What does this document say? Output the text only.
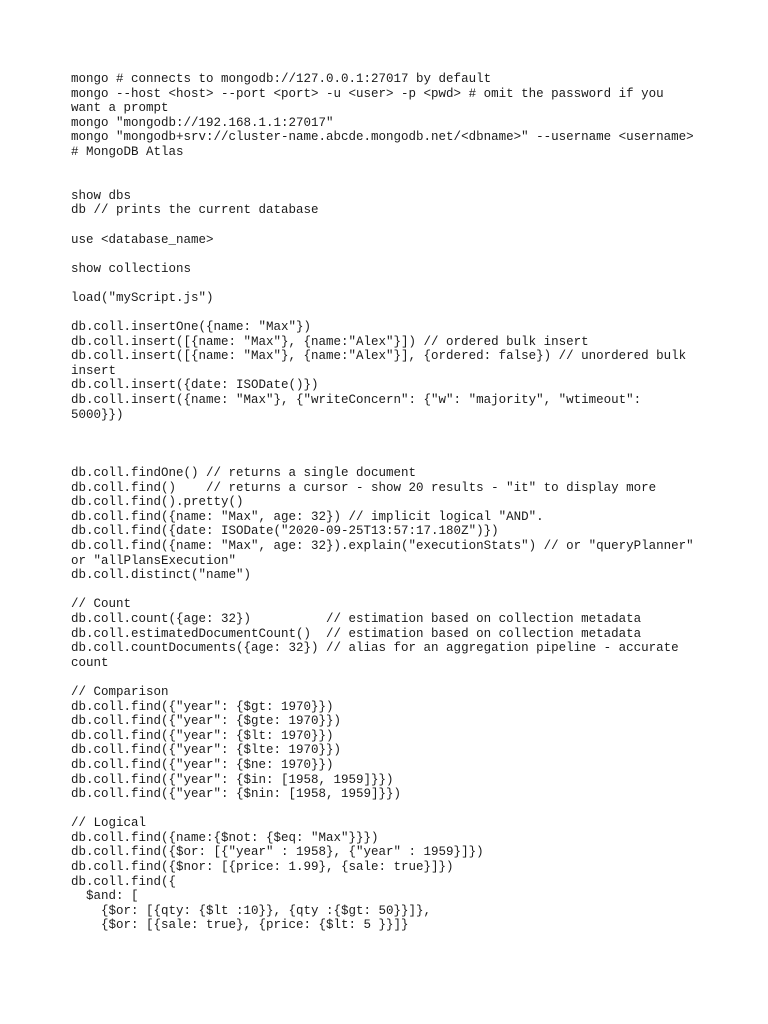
mongo # connects to mongodb://127.0.0.1:27017 by default
mongo --host <host> --port <port> -u <user> -p <pwd> # omit the password if you
want a prompt
mongo "mongodb://192.168.1.1:27017"
mongo "mongodb+srv://cluster-name.abcde.mongodb.net/<dbname>" --username <username>
# MongoDB Atlas
show dbs
db // prints the current database
use <database_name>
show collections
load("myScript.js")
db.coll.insertOne({name: "Max"})
db.coll.insert([{name: "Max"}, {name:"Alex"}]) // ordered bulk insert
db.coll.insert([{name: "Max"}, {name:"Alex"}], {ordered: false}) // unordered bulk
insert
db.coll.insert({date: ISODate()})
db.coll.insert({name: "Max"}, {"writeConcern": {"w": "majority", "wtimeout":
5000}})
db.coll.findOne() // returns a single document
db.coll.find()    // returns a cursor - show 20 results - "it" to display more
db.coll.find().pretty()
db.coll.find({name: "Max", age: 32}) // implicit logical "AND".
db.coll.find({date: ISODate("2020-09-25T13:57:17.180Z")})
db.coll.find({name: "Max", age: 32}).explain("executionStats") // or "queryPlanner"
or "allPlansExecution"
db.coll.distinct("name")
// Count
db.coll.count({age: 32})          // estimation based on collection metadata
db.coll.estimatedDocumentCount()  // estimation based on collection metadata
db.coll.countDocuments({age: 32}) // alias for an aggregation pipeline - accurate
count
// Comparison
db.coll.find({"year": {$gt: 1970}})
db.coll.find({"year": {$gte: 1970}})
db.coll.find({"year": {$lt: 1970}})
db.coll.find({"year": {$lte: 1970}})
db.coll.find({"year": {$ne: 1970}})
db.coll.find({"year": {$in: [1958, 1959]}})
db.coll.find({"year": {$nin: [1958, 1959]}})
// Logical
db.coll.find({name:{$not: {$eq: "Max"}}})
db.coll.find({$or: [{"year" : 1958}, {"year" : 1959}]})
db.coll.find({$nor: [{price: 1.99}, {sale: true}]})
db.coll.find({
$and: [
{$or: [{qty: {$lt :10}}, {qty :{$gt: 50}}]},
{$or: [{sale: true}, {price: {$lt: 5 }}]}
